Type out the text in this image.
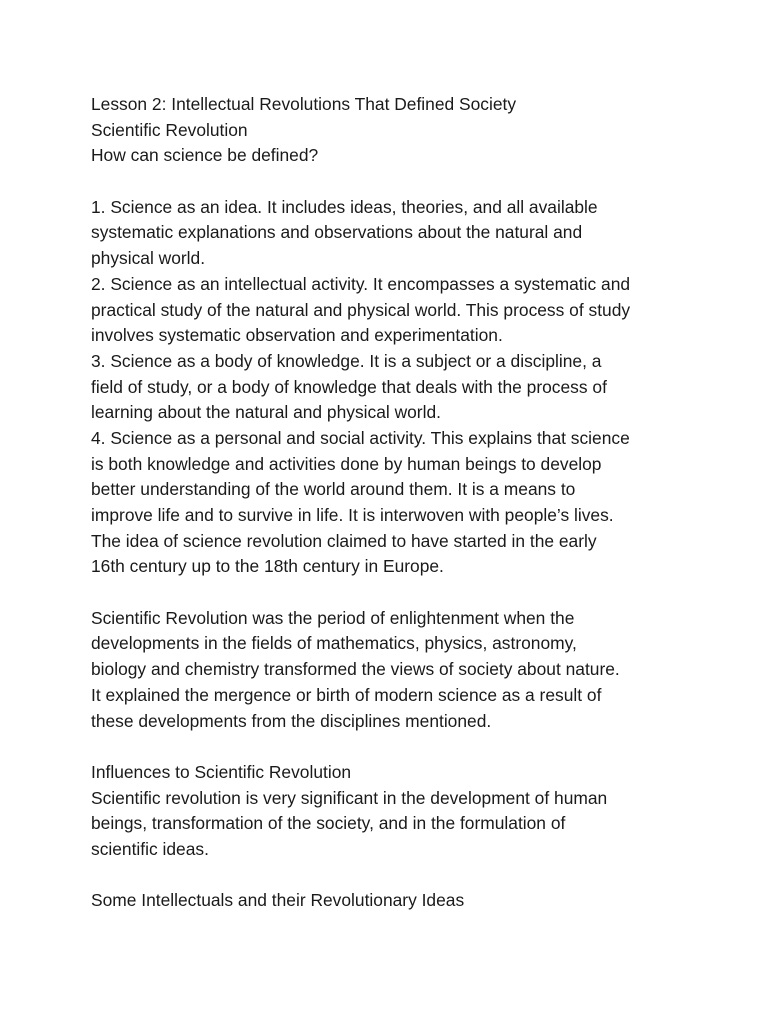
Lesson 2: Intellectual Revolutions That Defined Society
Scientific Revolution
How can science be defined?
1. Science as an idea. It includes ideas, theories, and all available
systematic explanations and observations about the natural and
physical world.
2. Science as an intellectual activity. It encompasses a systematic and
practical study of the natural and physical world. This process of study
involves systematic observation and experimentation.
3. Science as a body of knowledge. It is a subject or a discipline, a
field of study, or a body of knowledge that deals with the process of
learning about the natural and physical world.
4. Science as a personal and social activity. This explains that science
is both knowledge and activities done by human beings to develop
better understanding of the world around them. It is a means to
improve life and to survive in life. It is interwoven with people’s lives.
The idea of science revolution claimed to have started in the early
16th century up to the 18th century in Europe.
Scientific Revolution was the period of enlightenment when the
developments in the fields of mathematics, physics, astronomy,
biology and chemistry transformed the views of society about nature.
It explained the mergence or birth of modern science as a result of
these developments from the disciplines mentioned.
Influences to Scientific Revolution
Scientific revolution is very significant in the development of human
beings, transformation of the society, and in the formulation of
scientific ideas.
Some Intellectuals and their Revolutionary Ideas
